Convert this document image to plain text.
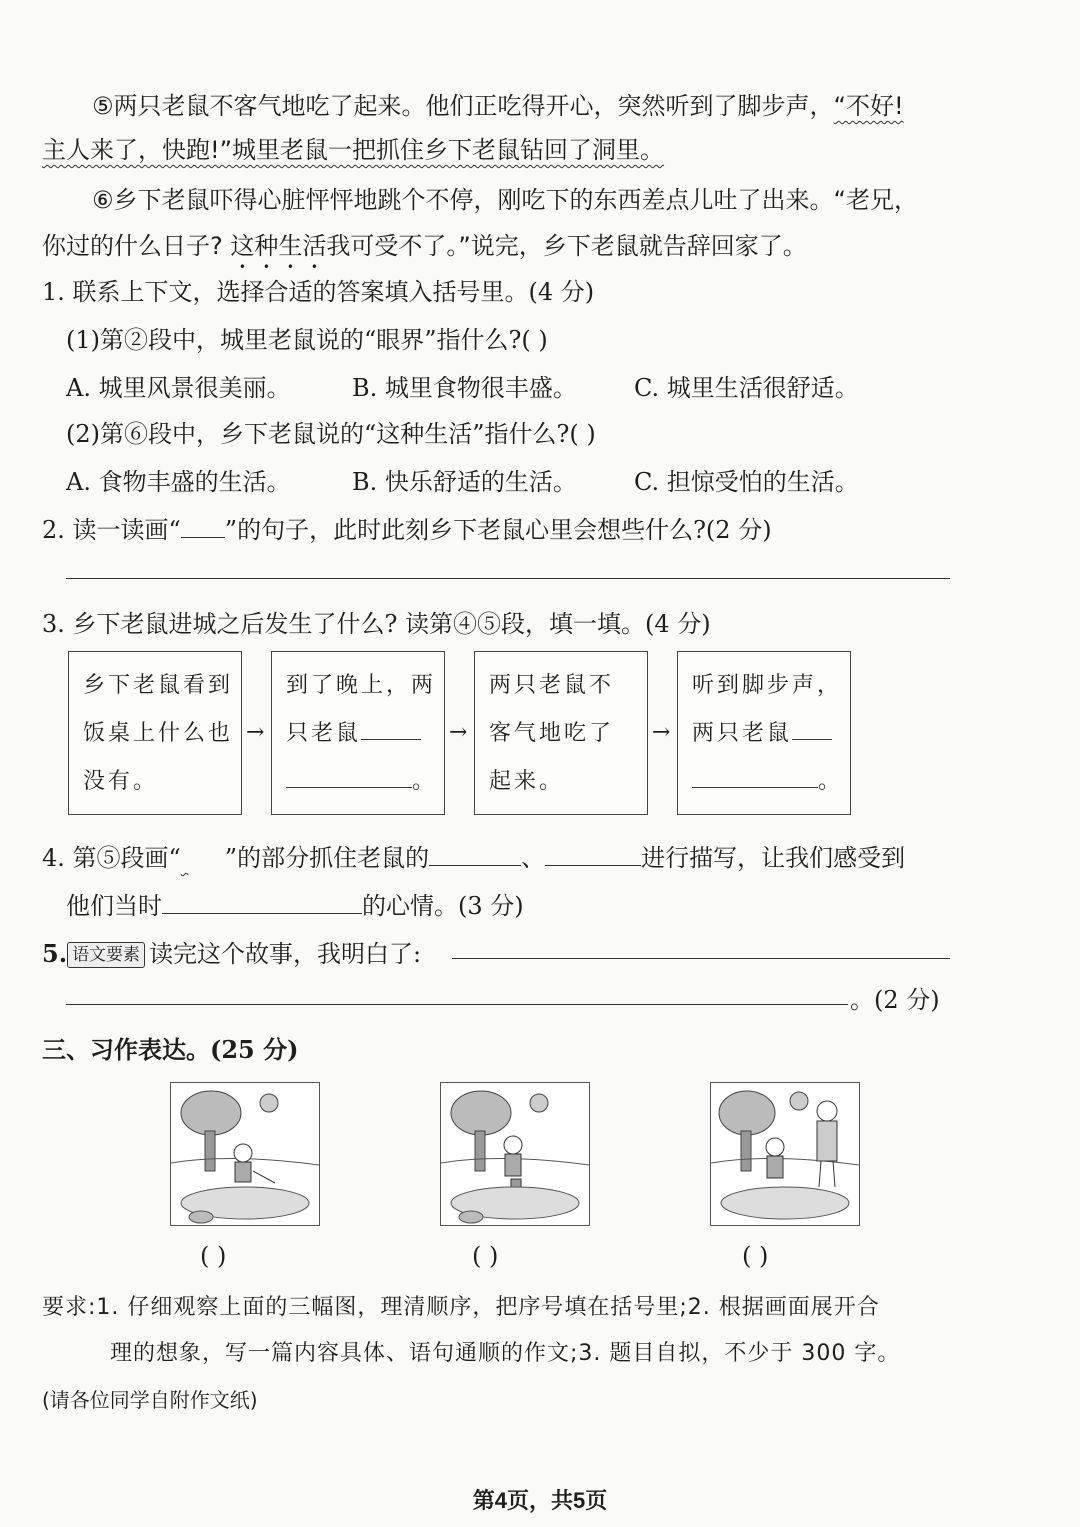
⑤两只老鼠不客气地吃了起来。他们正吃得开心，突然听到了脚步声，“不好!
主人来了，快跑!”城里老鼠一把抓住乡下老鼠钻回了洞里。
⑥乡下老鼠吓得心脏怦怦地跳个不停，刚吃下的东西差点儿吐了出来。“老兄，
你过的什么日子? 这种生活我可受不了。”说完，乡下老鼠就告辞回家了。
1. 联系上下文，选择合适的答案填入括号里。(4 分)
(1)第②段中，城里老鼠说的“眼界”指什么?( )
A. 城里风景很美丽。	B. 城里食物很丰盛。 C. 城里生活很舒适。
(2)第⑥段中，乡下老鼠说的“这种生活”指什么?( )
A. 食物丰盛的生活。	B. 快乐舒适的生活。 C. 担惊受怕的生活。
2. 读一读画“ ”的句子，此时此刻乡下老鼠心里会想些什么?(2 分)
3. 乡下老鼠进城之后发生了什么? 读第④⑤段，填一填。(4 分)
乡下老鼠看到
饭桌上什么也
没有。
→
到了晚上，两
只老鼠
。
→
两只老鼠不
客气地吃了
起来。
→
听到脚步声，
两只老鼠
。
4. 第⑤段画“ ”的部分抓住老鼠的	、	进行描写，让我们感受到
他们当时	的心情。(3 分)
5. 语文要素 读完这个故事，我明白了:
。(2 分)
三、习作表达。(25 分)
( )	( )	( )
要求:1. 仔细观察上面的三幅图，理清顺序，把序号填在括号里;2. 根据画面展开合
理的想象，写一篇内容具体、语句通顺的作文;3. 题目自拟，不少于 300 字。
(请各位同学自附作文纸)
第4页，共5页
